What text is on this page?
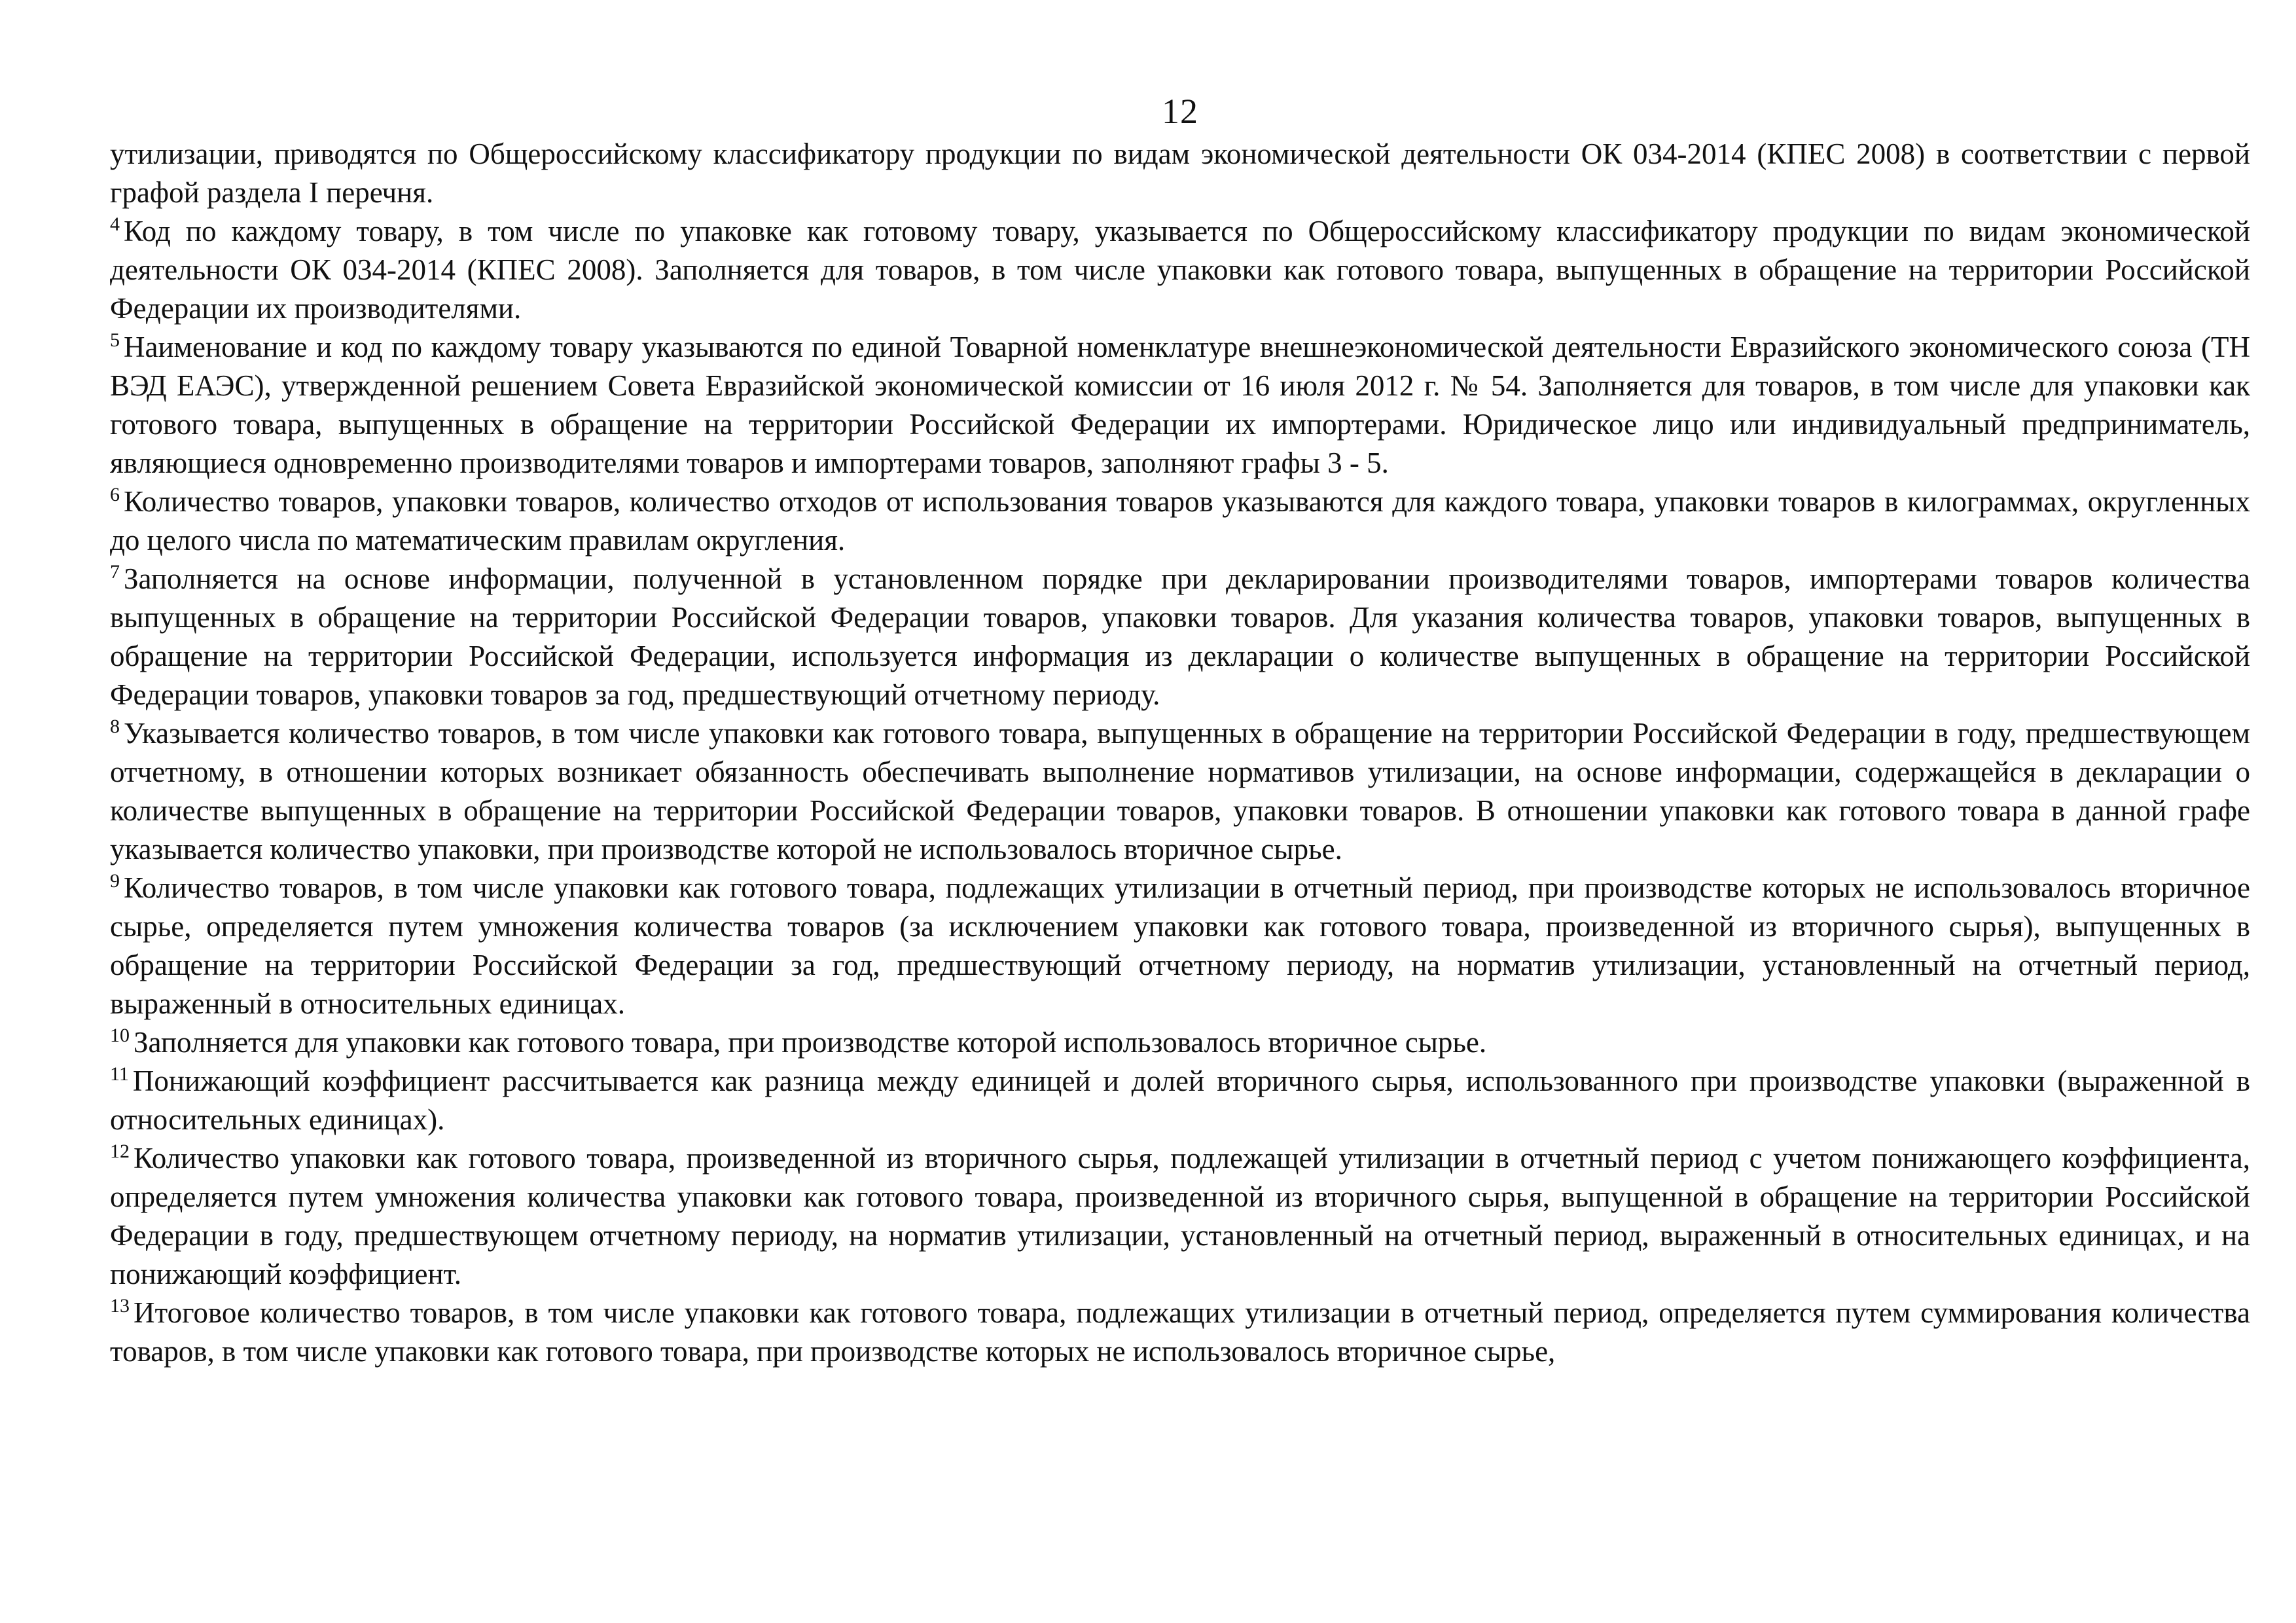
12

утилизации, приводятся по Общероссийскому классификатору продукции по видам экономической деятельности ОК 034-2014 (КПЕС 2008) в соответствии с первой графой раздела I перечня.

$^4$ Код по каждому товару, в том числе по упаковке как готовому товару, указывается по Общероссийскому классификатору продукции по видам экономической деятельности ОК 034-2014 (КПЕС 2008). Заполняется для товаров, в том числе упаковки как готового товара, выпущенных в обращение на территории Российской Федерации их производителями.

$^5$ Наименование и код по каждому товару указываются по единой Товарной номенклатуре внешнеэкономической деятельности Евразийского экономического союза (ТН ВЭД ЕАЭС), утвержденной решением Совета Евразийской экономической комиссии от 16 июля 2012 г. № 54. Заполняется для товаров, в том числе для упаковки как готового товара, выпущенных в обращение на территории Российской Федерации их импортерами. Юридическое лицо или индивидуальный предприниматель, являющиеся одновременно производителями товаров и импортерами товаров, заполняют графы 3 - 5.

$^6$ Количество товаров, упаковки товаров, количество отходов от использования товаров указываются для каждого товара, упаковки товаров в килограммах, округленных до целого числа по математическим правилам округления.

$^7$ Заполняется на основе информации, полученной в установленном порядке при декларировании производителями товаров, импортерами товаров количества выпущенных в обращение на территории Российской Федерации товаров, упаковки товаров. Для указания количества товаров, упаковки товаров, выпущенных в обращение на территории Российской Федерации, используется информация из декларации о количестве выпущенных в обращение на территории Российской Федерации товаров, упаковки товаров за год, предшествующий отчетному периоду.

$^8$ Указывается количество товаров, в том числе упаковки как готового товара, выпущенных в обращение на территории Российской Федерации в году, предшествующем отчетному, в отношении которых возникает обязанность обеспечивать выполнение нормативов утилизации, на основе информации, содержащейся в декларации о количестве выпущенных в обращение на территории Российской Федерации товаров, упаковки товаров. В отношении упаковки как готового товара в данной графе указывается количество упаковки, при производстве которой не использовалось вторичное сырье.

$^9$ Количество товаров, в том числе упаковки как готового товара, подлежащих утилизации в отчетный период, при производстве которых не использовалось вторичное сырье, определяется путем умножения количества товаров (за исключением упаковки как готового товара, произведенной из вторичного сырья), выпущенных в обращение на территории Российской Федерации за год, предшествующий отчетному периоду, на норматив утилизации, установленный на отчетный период, выраженный в относительных единицах.

$^{10}$ Заполняется для упаковки как готового товара, при производстве которой использовалось вторичное сырье.

$^{11}$ Понижающий коэффициент рассчитывается как разница между единицей и долей вторичного сырья, использованного при производстве упаковки (выраженной в относительных единицах).

$^{12}$ Количество упаковки как готового товара, произведенной из вторичного сырья, подлежащей утилизации в отчетный период с учетом понижающего коэффициента, определяется путем умножения количества упаковки как готового товара, произведенной из вторичного сырья, выпущенной в обращение на территории Российской Федерации в году, предшествующем отчетному периоду, на норматив утилизации, установленный на отчетный период, выраженный в относительных единицах, и на понижающий коэффициент.

$^{13}$ Итоговое количество товаров, в том числе упаковки как готового товара, подлежащих утилизации в отчетный период, определяется путем суммирования количества товаров, в том числе упаковки как готового товара, при производстве которых не использовалось вторичное сырье,
